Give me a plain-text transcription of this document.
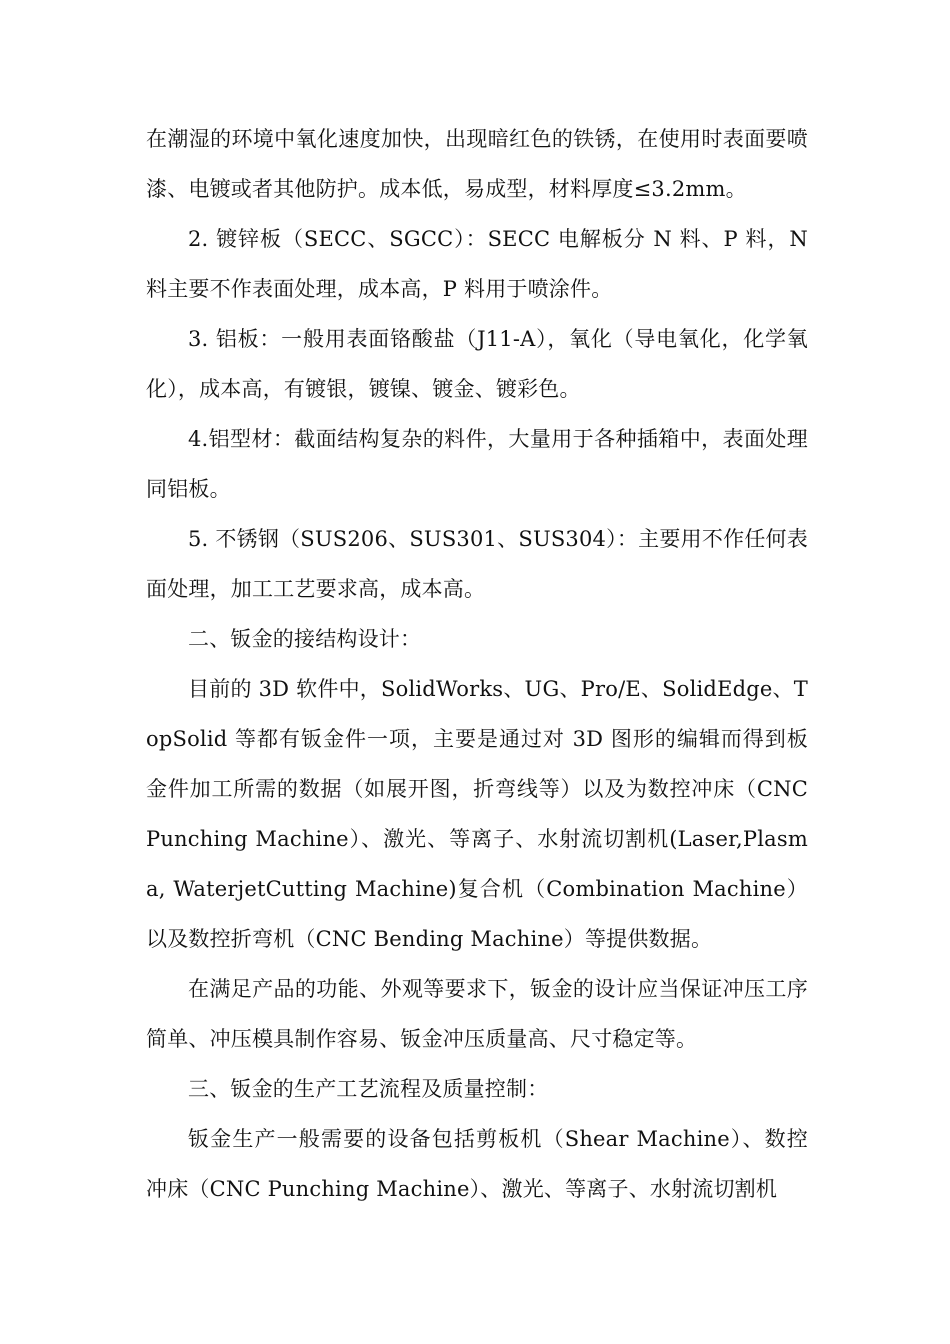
在潮湿的环境中氧化速度加快，出现暗红色的铁锈，在使用时表面要喷漆、电镀或者其他防护。成本低，易成型，材料厚度≤3.2mm。

2. 镀锌板（SECC、SGCC）：SECC 电解板分 N 料、P 料，N 料主要不作表面处理，成本高，P 料用于喷涂件。

3. 铝板：一般用表面铬酸盐（J11-A），氧化（导电氧化，化学氧化），成本高，有镀银，镀镍、镀金、镀彩色。

4.铝型材：截面结构复杂的料件，大量用于各种插箱中，表面处理同铝板。

5. 不锈钢（SUS206、SUS301、SUS304）：主要用不作任何表面处理，加工工艺要求高，成本高。

二、钣金的接结构设计：

目前的 3D 软件中，SolidWorks、UG、Pro/E、SolidEdge、TopSolid 等都有钣金件一项，主要是通过对 3D 图形的编辑而得到板金件加工所需的数据（如展开图，折弯线等）以及为数控冲床（CNC Punching Machine）、激光、等离子、水射流切割机(Laser,Plasma, WaterjetCutting Machine)复合机（Combination Machine）以及数控折弯机（CNC Bending Machine）等提供数据。

在满足产品的功能、外观等要求下，钣金的设计应当保证冲压工序简单、冲压模具制作容易、钣金冲压质量高、尺寸稳定等。

三、钣金的生产工艺流程及质量控制：

钣金生产一般需要的设备包括剪板机（Shear Machine）、数控冲床（CNC Punching Machine）、激光、等离子、水射流切割机
